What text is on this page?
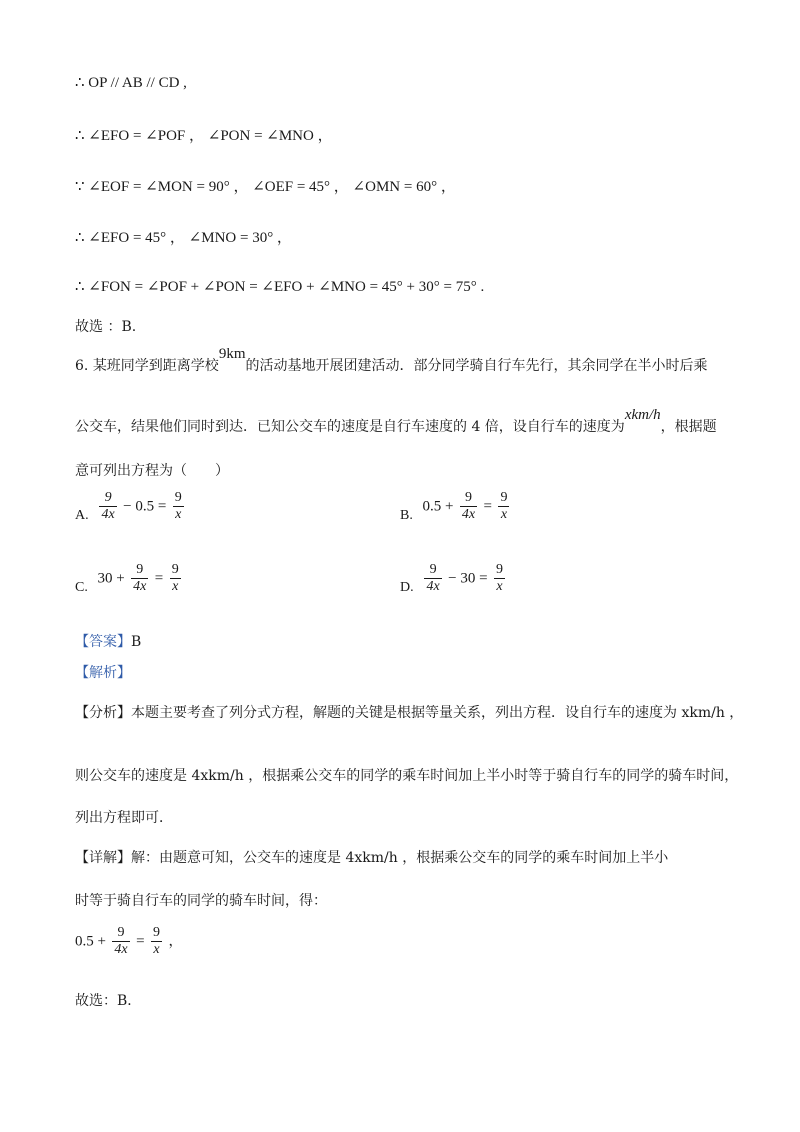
∴ OP // AB // CD ,
∴ ∠EFO = ∠POF ， ∠PON = ∠MNO ，
∵ ∠EOF = ∠MON = 90° ， ∠OEF = 45° ， ∠OMN = 60° ，
∴ ∠EFO = 45° ， ∠MNO = 30° ，
∴ ∠FON = ∠POF + ∠PON = ∠EFO + ∠MNO = 45° + 30° = 75° .
故选 ：B.
6. 某班同学到距离学校9km的活动基地开展团建活动．部分同学骑自行车先行，其余同学在半小时后乘
公交车，结果他们同时到达．已知公交车的速度是自行车速度的 4 倍，设自行车的速度为xkm/h，根据题
意可列出方程为（　　）
A. $\frac{9}{4x} - 0.5 = \frac{9}{x}$	B. $0.5 + \frac{9}{4x} = \frac{9}{x}$
C. $30 + \frac{9}{4x} = \frac{9}{x}$	D. $\frac{9}{4x} - 30 = \frac{9}{x}$
【答案】B
【解析】
【分析】本题主要考查了列分式方程，解题的关键是根据等量关系，列出方程．设自行车的速度为 xkm/h ，
则公交车的速度是 4xkm/h ，根据乘公交车的同学的乘车时间加上半小时等于骑自行车的同学的骑车时间，
列出方程即可．
【详解】解：由题意可知，公交车的速度是 4xkm/h ，根据乘公交车的同学的乘车时间加上半小
时等于骑自行车的同学的骑车时间，得：
$0.5 + \frac{9}{4x} = \frac{9}{x}$ ，
故选：B．
